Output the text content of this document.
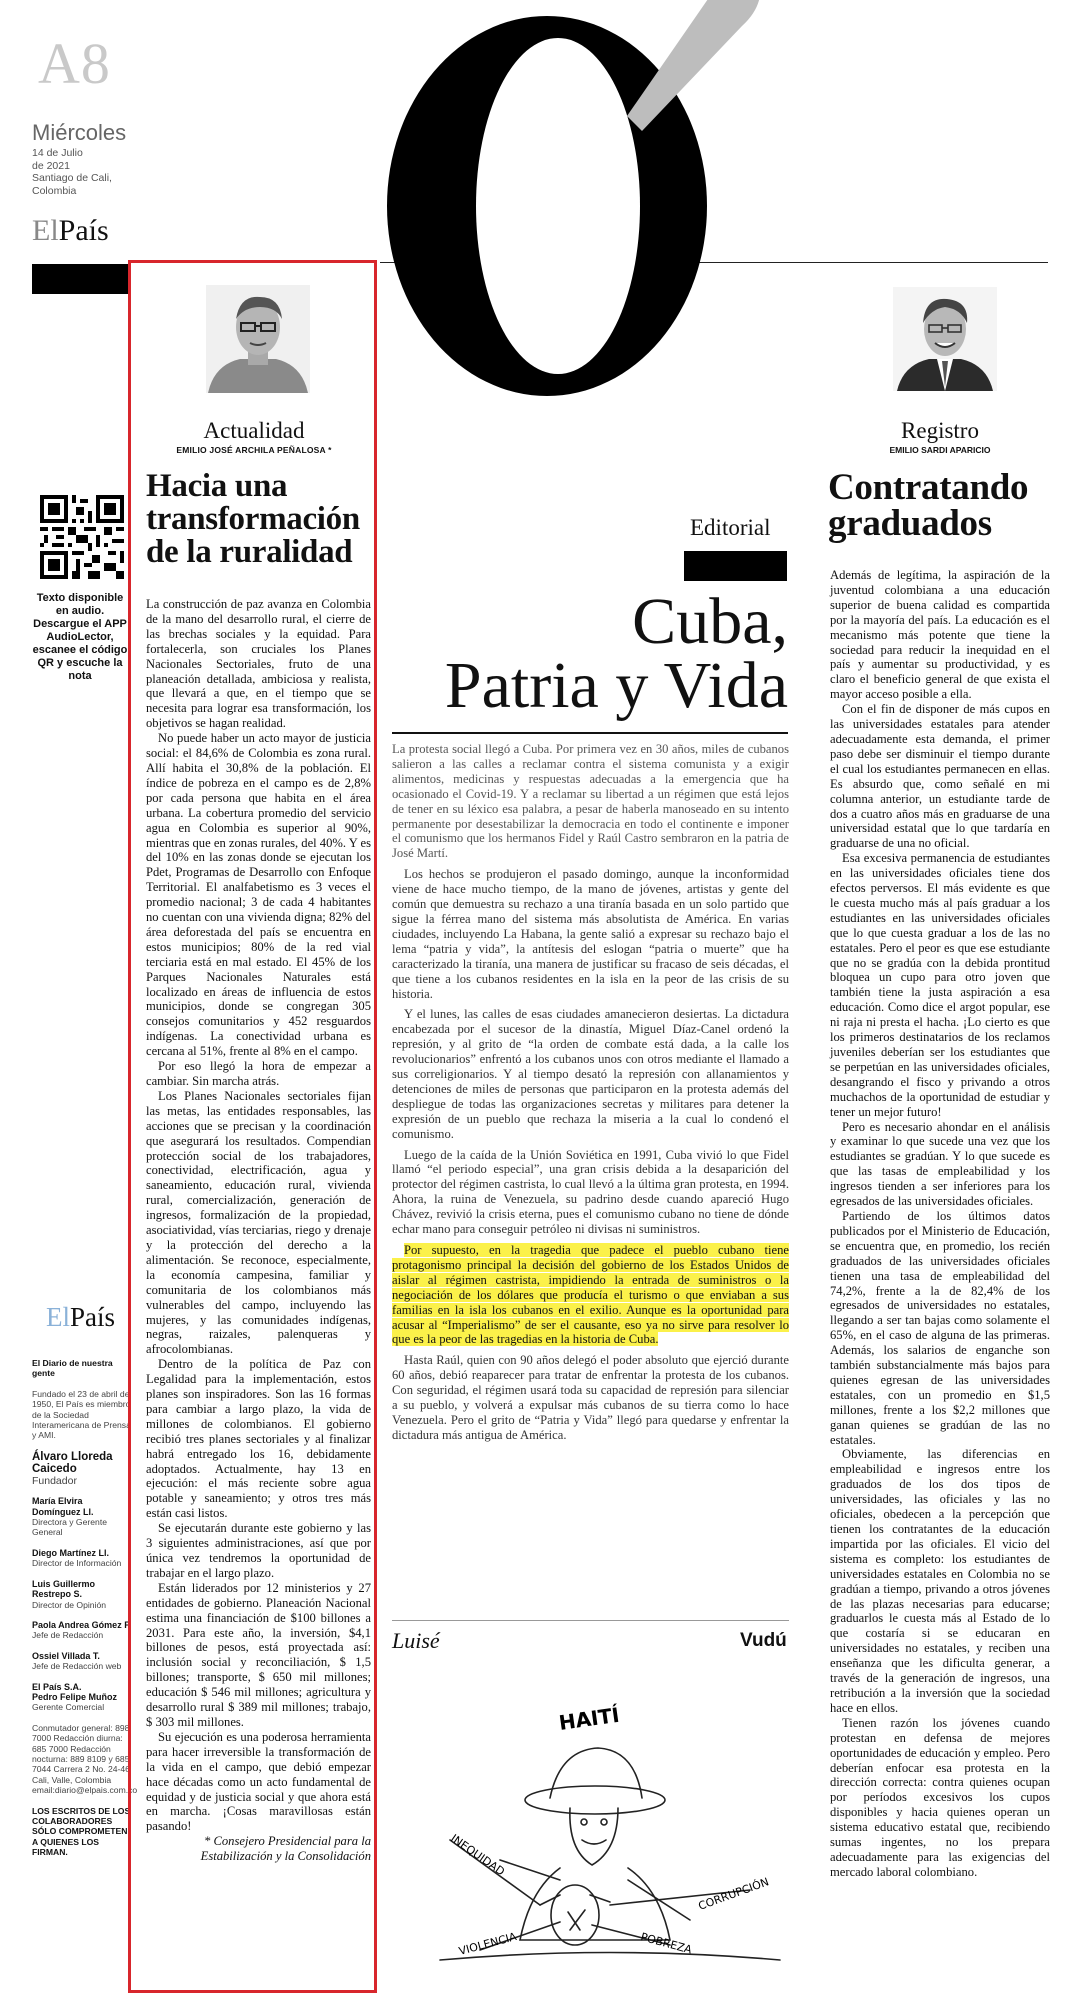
A8
Miércoles
14 de Julio
de 2021
Santiago de Cali,
Colombia
ElPaís
Texto disponible en audio. Descargue el APP AudioLector, escanee el código QR y escuche la nota
ElPaís
El Diario de nuestra gente
Fundado el 23 de abril de 1950, El País es miembro de la Sociedad Interamericana de Prensa y AMI.
Álvaro Lloreda Caicedo
Fundador
María Elvira Domínguez Ll.
Directora y Gerente General
Diego Martínez Ll.
Director de Información
Luis Guillermo Restrepo S.
Director de Opinión
Paola Andrea Gómez P.
Jefe de Redacción
Ossiel Villada T.
Jefe de Redacción web
El País S.A.
Pedro Felipe Muñoz
Gerente Comercial
Conmutador general: 898 7000 Redacción diurna: 685 7000 Redacción nocturna: 889 8109 y 685 7044 Carrera 2 No. 24-46 Cali, Valle, Colombia email:diario@elpais.com.co
LOS ESCRITOS DE LOS COLABORADORES SÓLO COMPROMETEN A QUIENES LOS FIRMAN.
Actualidad
EMILIO JOSÉ ARCHILA PEÑALOSA *
Hacia una transformación de la ruralidad

La construcción de paz avanza en Colombia de la mano del desarrollo rural, el cierre de las brechas sociales y la equidad. Para fortalecerla, son cruciales los Planes Nacionales Sectoriales, fruto de una planeación detallada, ambiciosa y realista, que llevará a que, en el tiempo que se necesita para lograr esa transformación, los objetivos se hagan realidad.

No puede haber un acto mayor de justicia social: el 84,6% de Colombia es zona rural. Allí habita el 30,8% de la población. El índice de pobreza en el campo es de 2,8% por cada persona que habita en el área urbana. La cobertura promedio del servicio agua en Colombia es superior al 90%, mientras que en zonas rurales, del 40%. Y es del 10% en las zonas donde se ejecutan los Pdet, Programas de Desarrollo con Enfoque Territorial. El analfabetismo es 3 veces el promedio nacional; 3 de cada 4 habitantes no cuentan con una vivienda digna; 82% del área deforestada del país se encuentra en estos municipios; 80% de la red vial terciaria está en mal estado. El 45% de los Parques Nacionales Naturales está localizado en áreas de influencia de estos municipios, donde se congregan 305 consejos comunitarios y 452 resguardos indígenas. La conectividad urbana es cercana al 51%, frente al 8% en el campo.

Por eso llegó la hora de empezar a cambiar. Sin marcha atrás.

Los Planes Nacionales sectoriales fijan las metas, las entidades responsables, las acciones que se precisan y la coordinación que asegurará los resultados. Compendian protección social de los trabajadores, conectividad, electrificación, agua y saneamiento, educación rural, vivienda rural, comercialización, generación de ingresos, formalización de la propiedad, asociatividad, vías terciarias, riego y drenaje y la protección del derecho a la alimentación. Se reconoce, especialmente, la economía campesina, familiar y comunitaria de los colombianos más vulnerables del campo, incluyendo las mujeres, y las comunidades indígenas, negras, raizales, palenqueras y afrocolombianas.

Dentro de la política de Paz con Legalidad para la implementación, estos planes son inspiradores. Son las 16 formas para cambiar a largo plazo, la vida de millones de colombianos. El gobierno recibió tres planes sectoriales y al finalizar habrá entregado los 16, debidamente adoptados. Actualmente, hay 13 en ejecución: el más reciente sobre agua potable y saneamiento; y otros tres más están casi listos.

Se ejecutarán durante este gobierno y las 3 siguientes administraciones, así que por única vez tendremos la oportunidad de trabajar en el largo plazo.

Están liderados por 12 ministerios y 27 entidades de gobierno. Planeación Nacional estima una financiación de $100 billones a 2031. Para este año, la inversión, $4,1 billones de pesos, está proyectada así: inclusión social y reconciliación, $ 1,5 billones; transporte, $ 650 mil millones; educación $ 546 mil millones; agricultura y desarrollo rural $ 389 mil millones; trabajo, $ 303 mil millones.

Su ejecución es una poderosa herramienta para hacer irreversible la transformación de la vida en el campo, que debió empezar hace décadas como un acto fundamental de equidad y de justicia social y que ahora está en marcha. ¡Cosas maravillosas están pasando!

* Consejero Presidencial para la Estabilización y la Consolidación

Editorial
Cuba,
Patria y Vida

La protesta social llegó a Cuba. Por primera vez en 30 años, miles de cubanos salieron a las calles a reclamar contra el sistema comunista y a exigir alimentos, medicinas y respuestas adecuadas a la emergencia que ha ocasionado el Covid-19. Y a reclamar su libertad a un régimen que está lejos de tener en su léxico esa palabra, a pesar de haberla manoseado en su intento permanente por desestabilizar la democracia en todo el continente e imponer el comunismo que los hermanos Fidel y Raúl Castro sembraron en la patria de José Martí.

Los hechos se produjeron el pasado domingo, aunque la inconformidad viene de hace mucho tiempo, de la mano de jóvenes, artistas y gente del común que demuestra su rechazo a una tiranía basada en un solo partido que sigue la férrea mano del sistema más absolutista de América. En varias ciudades, incluyendo La Habana, la gente salió a expresar su rechazo bajo el lema “patria y vida”, la antítesis del eslogan “patria o muerte” que ha caracterizado la tiranía, una manera de justificar su fracaso de seis décadas, el que tiene a los cubanos residentes en la isla en la peor de las crisis de su historia.

Y el lunes, las calles de esas ciudades amanecieron desiertas. La dictadura encabezada por el sucesor de la dinastía, Miguel Díaz-Canel ordenó la represión, y al grito de “la orden de combate está dada, a la calle los revolucionarios” enfrentó a los cubanos unos con otros mediante el llamado a sus correligionarios. Y al tiempo desató la represión con allanamientos y detenciones de miles de personas que participaron en la protesta además del despliegue de todas las organizaciones secretas y militares para detener la expresión de un pueblo que rechaza la miseria a la cual lo condenó el comunismo.

Luego de la caída de la Unión Soviética en 1991, Cuba vivió lo que Fidel llamó “el periodo especial”, una gran crisis debida a la desaparición del protector del régimen castrista, lo cual llevó a la última gran protesta, en 1994. Ahora, la ruina de Venezuela, su padrino desde cuando apareció Hugo Chávez, revivió la crisis eterna, pues el comunismo cubano no tiene de dónde echar mano para conseguir petróleo ni divisas ni suministros.

Por supuesto, en la tragedia que padece el pueblo cubano tiene protagonismo principal la decisión del gobierno de los Estados Unidos de aislar al régimen castrista, impidiendo la entrada de suministros o la negociación de los dólares que producía el turismo o que enviaban a sus familias en la isla los cubanos en el exilio. Aunque es la oportunidad para acusar al “Imperialismo” de ser el causante, eso ya no sirve para resolver lo que es la peor de las tragedias en la historia de Cuba.

Hasta Raúl, quien con 90 años delegó el poder absoluto que ejerció durante 60 años, debió reaparecer para tratar de enfrentar la protesta de los cubanos. Con seguridad, el régimen usará toda su capacidad de represión para silenciar a su pueblo, y volverá a expulsar más cubanos de su tierra como lo hace Venezuela. Pero el grito de “Patria y Vida” llegó para quedarse y enfrentar la dictadura más antigua de América.

Luisé	Vudú
HAITÍ
INEQUIDAD
VIOLENCIA	POBREZA
CORRUPCIÓN
Registro
EMILIO SARDI APARICIO
Contratando graduados

Además de legítima, la aspiración de la juventud colombiana a una educación superior de buena calidad es compartida por la mayoría del país. La educación es el mecanismo más potente que tiene la sociedad para reducir la inequidad en el país y aumentar su productividad, y es claro el beneficio general de que exista el mayor acceso posible a ella.

Con el fin de disponer de más cupos en las universidades estatales para atender adecuadamente esta demanda, el primer paso debe ser disminuir el tiempo durante el cual los estudiantes permanecen en ellas. Es absurdo que, como señalé en mi columna anterior, un estudiante tarde de dos a cuatro años más en graduarse de una universidad estatal que lo que tardaría en graduarse de una no oficial.

Esa excesiva permanencia de estudiantes en las universidades oficiales tiene dos efectos perversos. El más evidente es que le cuesta mucho más al país graduar a los estudiantes en las universidades oficiales que lo que cuesta graduar a los de las no estatales. Pero el peor es que ese estudiante que no se gradúa con la debida prontitud bloquea un cupo para otro joven que también tiene la justa aspiración a esa educación. Como dice el argot popular, ese ni raja ni presta el hacha. ¡Lo cierto es que los primeros destinatarios de los reclamos juveniles deberían ser los estudiantes que se perpetúan en las universidades oficiales, desangrando el fisco y privando a otros muchachos de la oportunidad de estudiar y tener un mejor futuro!

Pero es necesario ahondar en el análisis y examinar lo que sucede una vez que los estudiantes se gradúan. Y lo que sucede es que las tasas de empleabilidad y los ingresos tienden a ser inferiores para los egresados de las universidades oficiales.

Partiendo de los últimos datos publicados por el Ministerio de Educación, se encuentra que, en promedio, los recién graduados de las universidades oficiales tienen una tasa de empleabilidad del 74,2%, frente a la de 82,4% de los egresados de universidades no estatales, llegando a ser tan bajas como solamente el 65%, en el caso de alguna de las primeras. Además, los salarios de enganche son también substancialmente más bajos para quienes egresan de las universidades estatales, con un promedio en $1,5 millones, frente a los $2,2 millones que ganan quienes se gradúan de las no estatales.

Obviamente, las diferencias en empleabilidad e ingresos entre los graduados de los dos tipos de universidades, las oficiales y las no oficiales, obedecen a la percepción que tienen los contratantes de la educación impartida por las oficiales. El vicio del sistema es completo: los estudiantes de universidades estatales en Colombia no se gradúan a tiempo, privando a otros jóvenes de las plazas necesarias para educarse; graduarlos le cuesta más al Estado de lo que costaría si se educaran en universidades no estatales, y reciben una enseñanza que les dificulta generar, a través de la generación de ingresos, una retribución a la inversión que la sociedad hace en ellos.

Tienen razón los jóvenes cuando protestan en defensa de mejores oportunidades de educación y empleo. Pero deberían enfocar esa protesta en la dirección correcta: contra quienes ocupan por períodos excesivos los cupos disponibles y hacia quienes operan un sistema educativo estatal que, recibiendo sumas ingentes, no los prepara adecuadamente para las exigencias del mercado laboral colombiano.
